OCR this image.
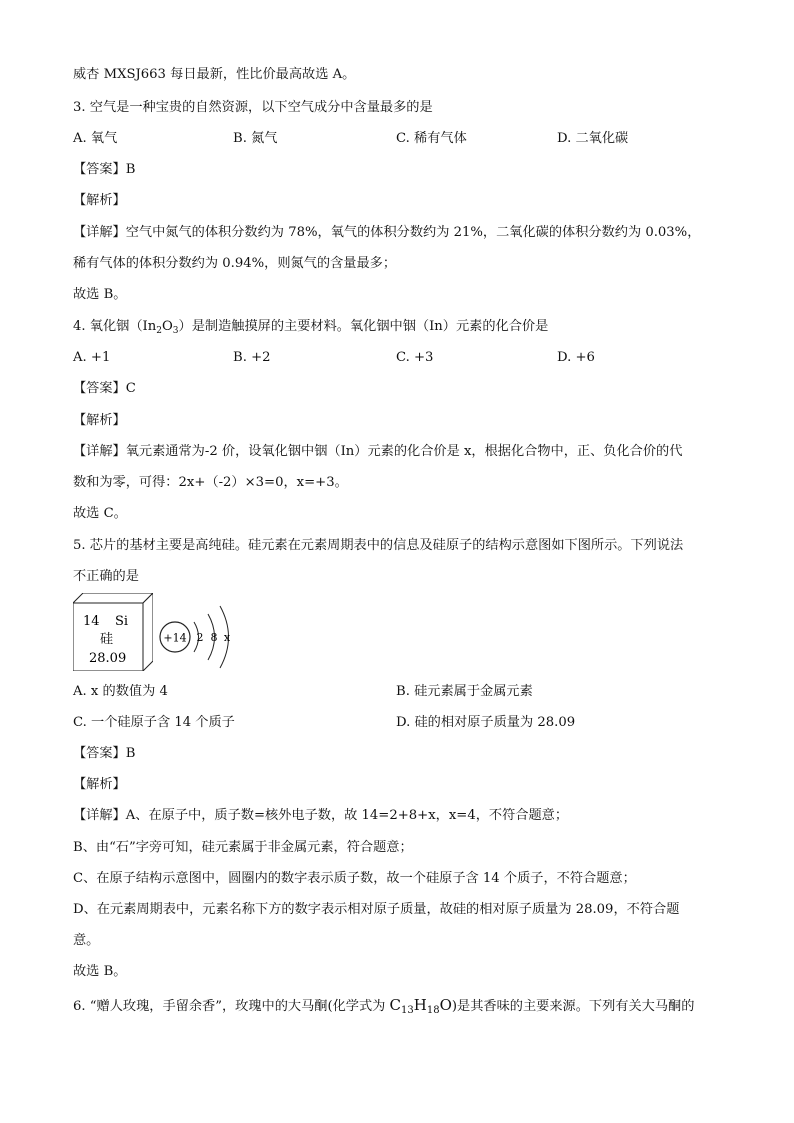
威杏 MXSJ663 每日最新，性比价最高故选 A。
3. 空气是一种宝贵的自然资源，以下空气成分中含量最多的是
A. 氧气	B. 氮气	C. 稀有气体	D. 二氧化碳
【答案】B
【解析】
【详解】空气中氮气的体积分数约为 78%，氧气的体积分数约为 21%，二氧化碳的体积分数约为 0.03%，
稀有气体的体积分数约为 0.94%，则氮气的含量最多；
故选 B。
4. 氧化铟$(In_2O_3)$是制造触摸屏的主要材料。氧化铟中铟（In）元素的化合价是
A. +1	B. +2	C. +3	D. +6
【答案】C
【解析】
【详解】氧元素通常为-2 价，设氧化铟中铟（In）元素的化合价是 x，根据化合物中，正、负化合价的代
数和为零，可得：2x+（-2）×3=0，x=+3。
故选 C。
5. 芯片的基材主要是高纯硅。硅元素在元素周期表中的信息及硅原子的结构示意图如下图所示。下列说法
不正确的是
14 Si
硅
28.09
+14 2 8 x
A. x 的数值为 4	B. 硅元素属于金属元素
C. 一个硅原子含 14 个质子	D. 硅的相对原子质量为 28.09
【答案】B
【解析】
【详解】A、在原子中，质子数=核外电子数，故 14=2+8+x，x=4，不符合题意；
B、由“石”字旁可知，硅元素属于非金属元素，符合题意；
C、在原子结构示意图中，圆圈内的数字表示质子数，故一个硅原子含 14 个质子，不符合题意；
D、在元素周期表中，元素名称下方的数字表示相对原子质量，故硅的相对原子质量为 28.09，不符合题
意。
故选 B。
6. “赠人玫瑰，手留余香”，玫瑰中的大马酮(化学式为 $C_{13}H_{18}O$)是其香味的主要来源。下列有关大马酮的
